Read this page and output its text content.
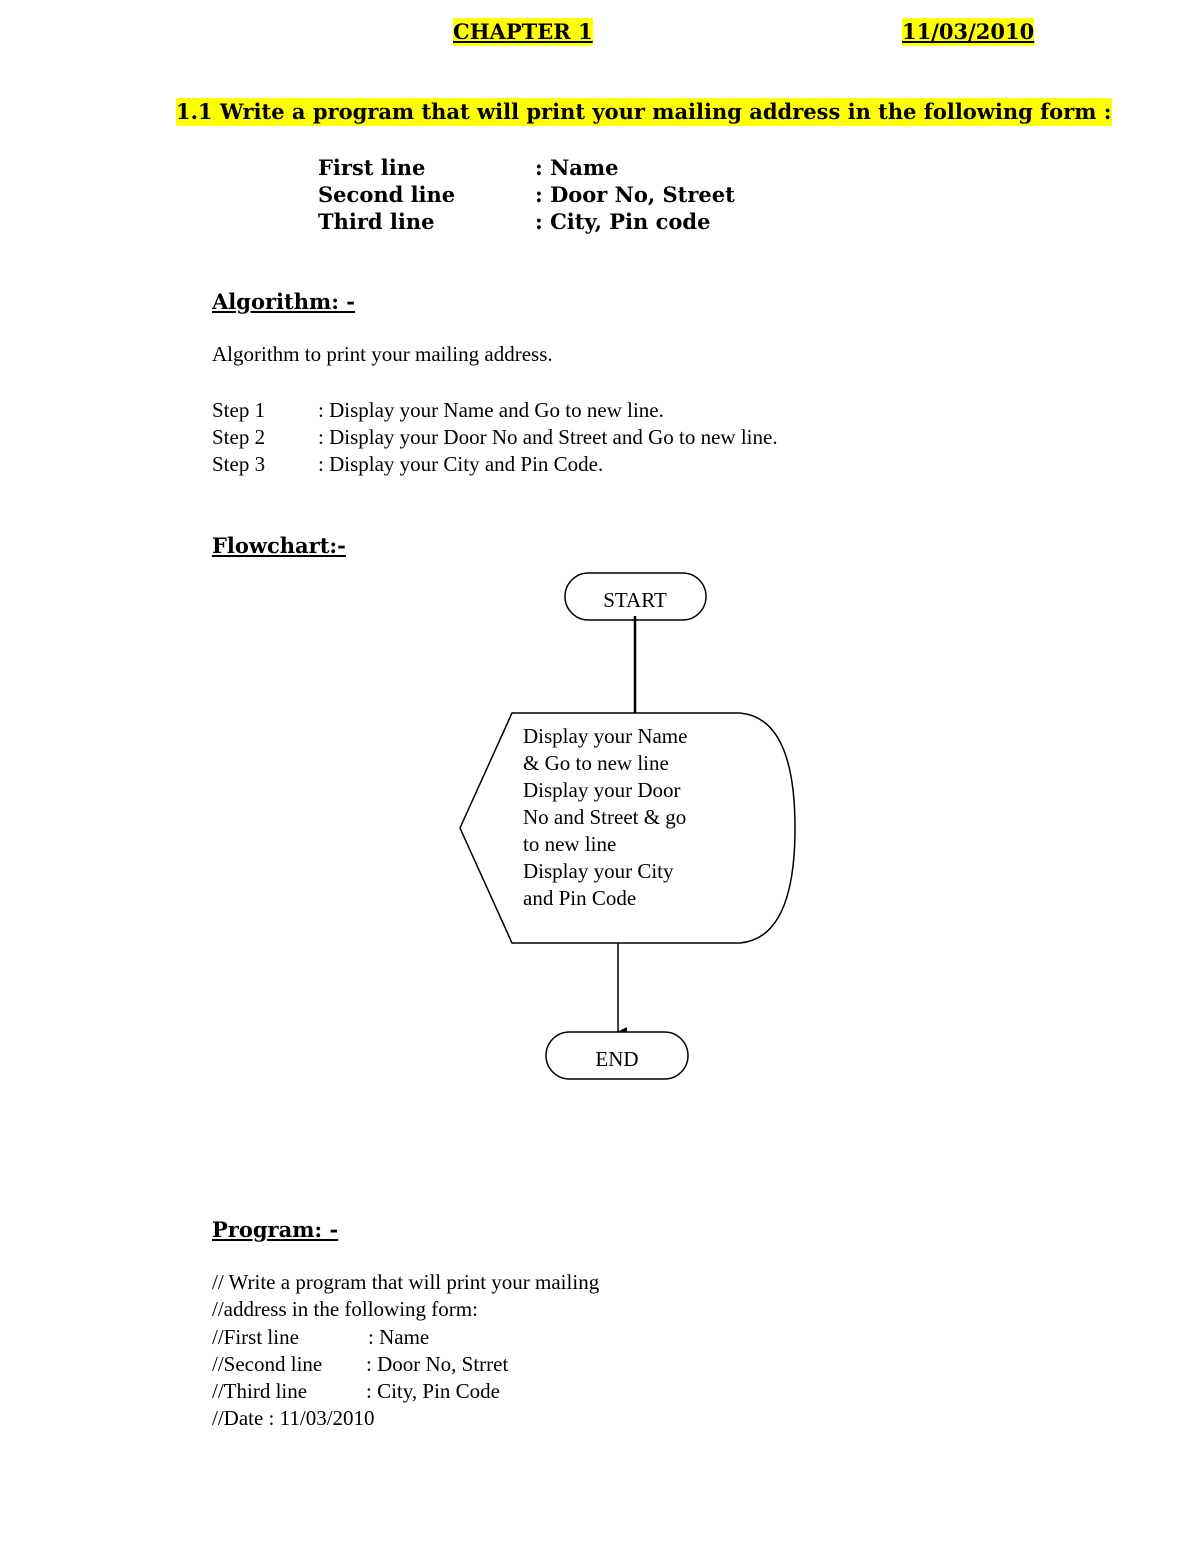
CHAPTER 1	11/03/2010
1.1 Write a program that will print your mailing address in the following form :
First line	: Name
Second line	: Door No, Street
Third line	: City, Pin code
Algorithm: -
Algorithm to print your mailing address.
Step 1	: Display your Name and Go to new line.
Step 2	: Display your Door No and Street and Go to new line.
Step 3	: Display your City and Pin Code.
Flowchart:-
START
Display your Name
& Go to new line
Display your Door
No and Street & go
to new line
Display your City
and Pin Code
END
Program: -
// Write a program that will print your mailing
//address in the following form:
//First line	: Name
//Second line : Door No, Strret
//Third line	: City, Pin Code
//Date : 11/03/2010
